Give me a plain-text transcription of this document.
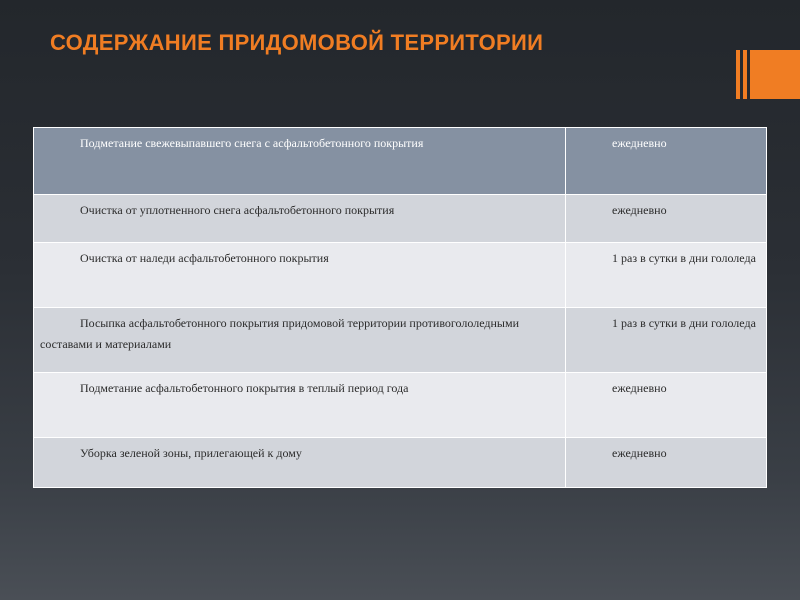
СОДЕРЖАНИЕ ПРИДОМОВОЙ ТЕРРИТОРИИ
Подметание свежевыпавшего снега с асфальтобетонного покрытия	ежедневно
Очистка от уплотненного снега асфальтобетонного покрытия	ежедневно
Очистка от наледи асфальтобетонного покрытия	1 раз в сутки в дни гололеда
Посыпка асфальтобетонного покрытия придомовой территории противогололедными составами и материалами	1 раз в сутки в дни гололеда
Подметание асфальтобетонного покрытия в теплый период года	ежедневно
Уборка зеленой зоны, прилегающей к дому	ежедневно
